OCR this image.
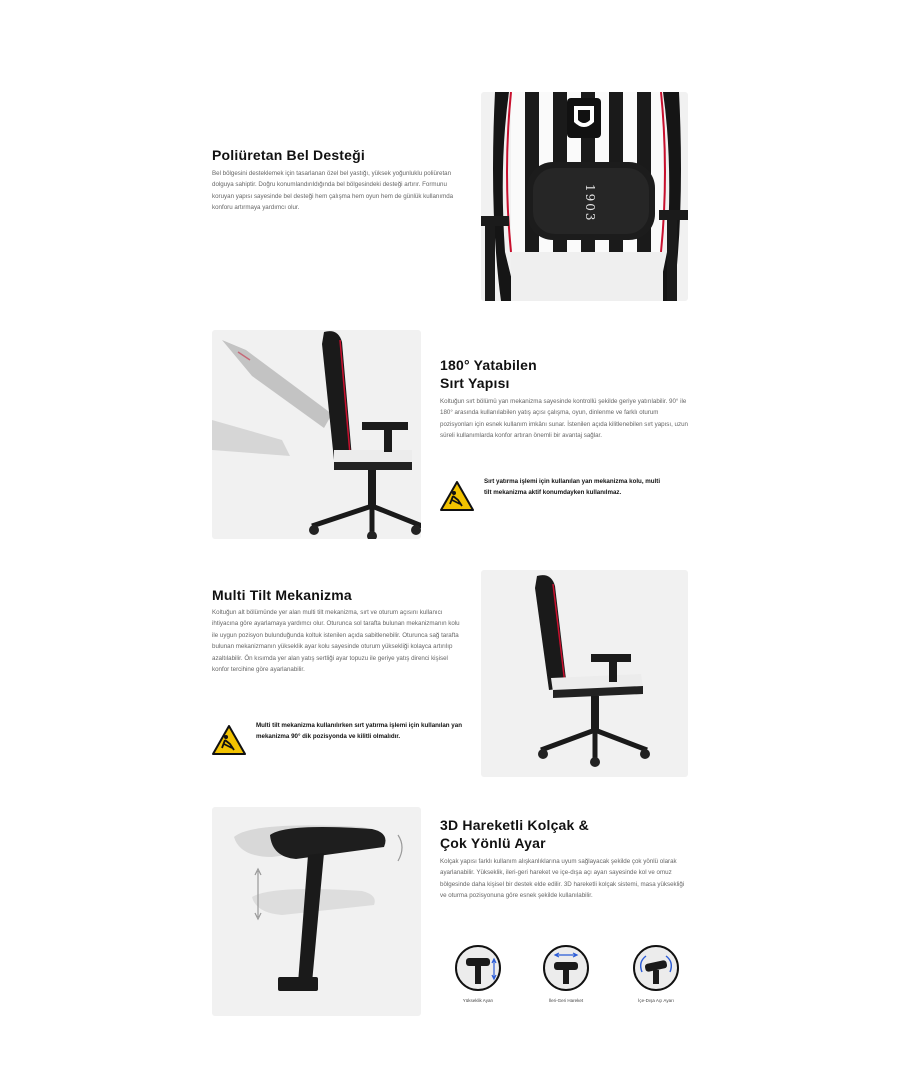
Poliüretan Bel Desteği
Bel bölgesini desteklemek için tasarlanan özel bel yastığı, yüksek yoğunluklu poliüretan dolguya sahiptir. Doğru konumlandırıldığında bel bölgesindeki desteği artırır. Formunu koruyan yapısı sayesinde bel desteği hem çalışma hem oyun hem de günlük kullanımda konforu artırmaya yardımcı olur.	1903
180° Yatabilen
Sırt Yapısı
Koltuğun sırt bölümü yan mekanizma sayesinde kontrollü şekilde geriye yatırılabilir. 90° ile 180° arasında kullanılabilen yatış açısı çalışma, oyun, dinlenme ve farklı oturum pozisyonları için esnek kullanım imkânı sunar. İstenilen açıda kilitlenebilen sırt yapısı, uzun süreli kullanımlarda konfor artıran önemli bir avantaj sağlar.
Sırt yatırma işlemi için kullanılan yan mekanizma kolu, multi tilt mekanizma aktif konumdayken kullanılmaz.
Multi Tilt Mekanizma
Koltuğun alt bölümünde yer alan multi tilt mekanizma, sırt ve oturum açısını kullanıcı ihtiyacına göre ayarlamaya yardımcı olur. Oturunca sol tarafta bulunan mekanizmanın kolu ile uygun pozisyon bulunduğunda koltuk istenilen açıda sabitlenebilir. Oturunca sağ tarafta bulunan mekanizmanın yükseklik ayar kolu sayesinde oturum yüksekliği kolayca artırılıp azaltılabilir. Ön kısımda yer alan yatış sertliği ayar topuzu ile geriye yatış direnci kişisel konfor tercihine göre ayarlanabilir.
Multi tilt mekanizma kullanılırken sırt yatırma işlemi için kullanılan yan mekanizma 90° dik pozisyonda ve kilitli olmalıdır.
3D Hareketli Kolçak &
Çok Yönlü Ayar
Kolçak yapısı farklı kullanım alışkanlıklarına uyum sağlayacak şekilde çok yönlü olarak ayarlanabilir. Yükseklik, ileri-geri hareket ve içe-dışa açı ayarı sayesinde kol ve omuz bölgesinde daha kişisel bir destek elde edilir. 3D hareketli kolçak sistemi, masa yüksekliği ve oturma pozisyonuna göre esnek şekilde kullanılabilir.
Yükseklik Ayarı	İleri-Geri Hareket	İçe-Dışa Açı Ayarı
